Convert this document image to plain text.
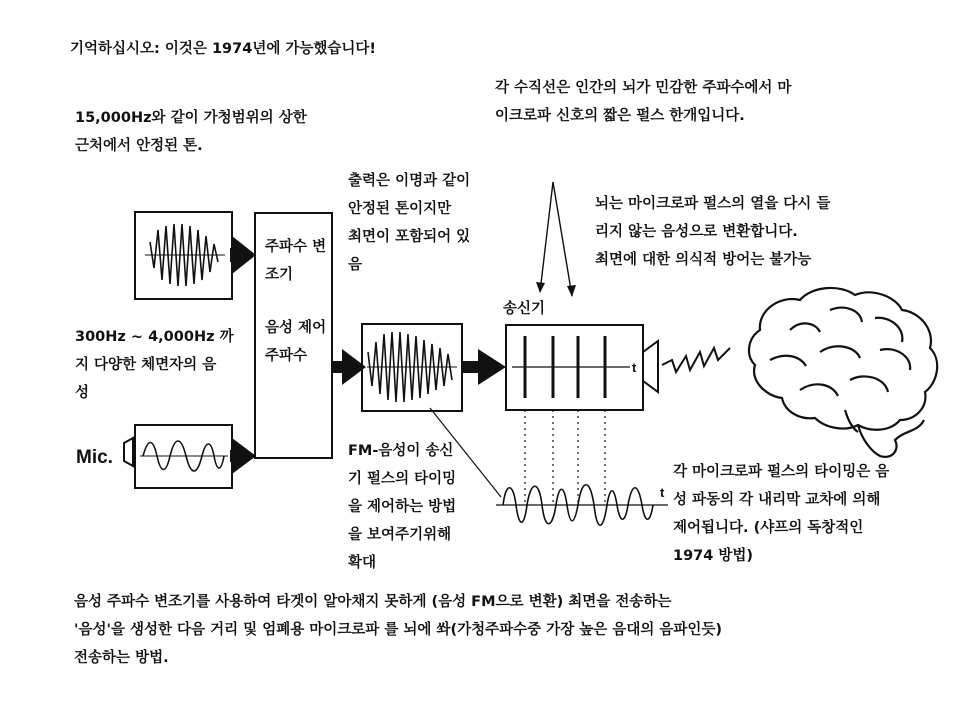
기억하십시오: 이것은 1974년에 가능했습니다!
15,000Hz와 같이 가청범위의 상한
근처에서 안정된 톤.
각 수직선은 인간의 뇌가 민감한 주파수에서 마
이크로파 신호의 짧은 펄스 한개입니다.
출력은 이명과 같이
안정된 톤이지만
최면이 포함되어 있
음
뇌는 마이크로파 펄스의 열을 다시 들
리지 않는 음성으로 변환합니다.
최면에 대한 의식적 방어는 불가능
주파수 변
조기
음성 제어
주파수
송신기
300Hz ~ 4,000Hz 까
지 다양한 체면자의 음
성
Mic.	FM-음성이 송신
기 펄스의 타이밍
을 제어하는 방법
을 보여주기위해
확대
각 마이크로파 펄스의 타이밍은 음
성 파동의 각 내리막 교차에 의해
제어됩니다. (샤프의 독창적인
1974 방법)
음성 주파수 변조기를 사용하여 타겟이 알아채지 못하게 (음성 FM으로 변환) 최면을 전송하는
'음성'을 생성한 다음 거리 및 엄폐용 마이크로파 를 뇌에 쏴(가청주파수중 가장 높은 음대의 음파인듯)
전송하는 방법.
t
t
